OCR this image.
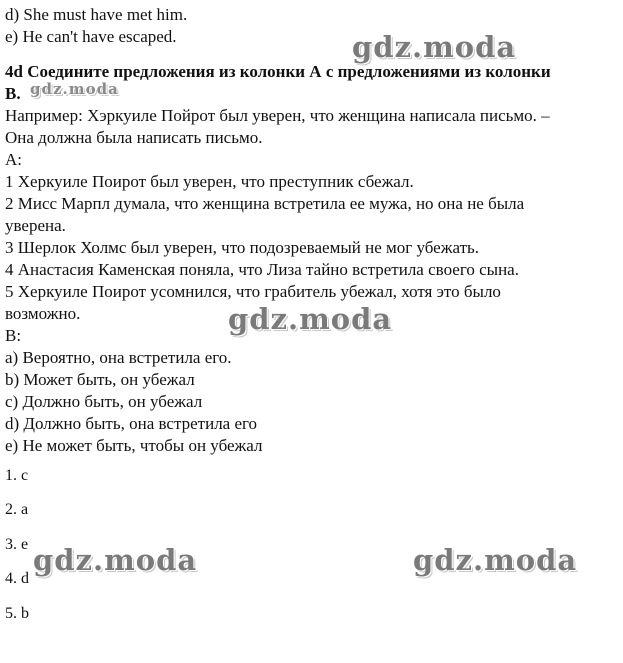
d) She must have met him.
e) He can't have escaped.
4d Соедините предложения из колонки А с предложениями из колонки
В.
Например: Хэркуиле Пойрот был уверен, что женщина написала письмо. –
Она должна была написать письмо.
А:
1 Херкуиле Поирот был уверен, что преступник сбежал.
2 Мисс Марпл думала, что женщина встретила ее мужа, но она не была
уверена.
3 Шерлок Холмс был уверен, что подозреваемый не мог убежать.
4 Анастасия Каменская поняла, что Лиза тайно встретила своего сына.
5 Херкуиле Поирот усомнился, что грабитель убежал, хотя это было
возможно.
В:
a) Вероятно, она встретила его.
b) Может быть, он убежал
c) Должно быть, он убежал
d) Должно быть, она встретила его
e) Не может быть, чтобы он убежал
1. c
2. a
3. e
4. d
5. b
gdz.moda
gdz.moda
gdz.moda
gdz.moda	gdz.moda
